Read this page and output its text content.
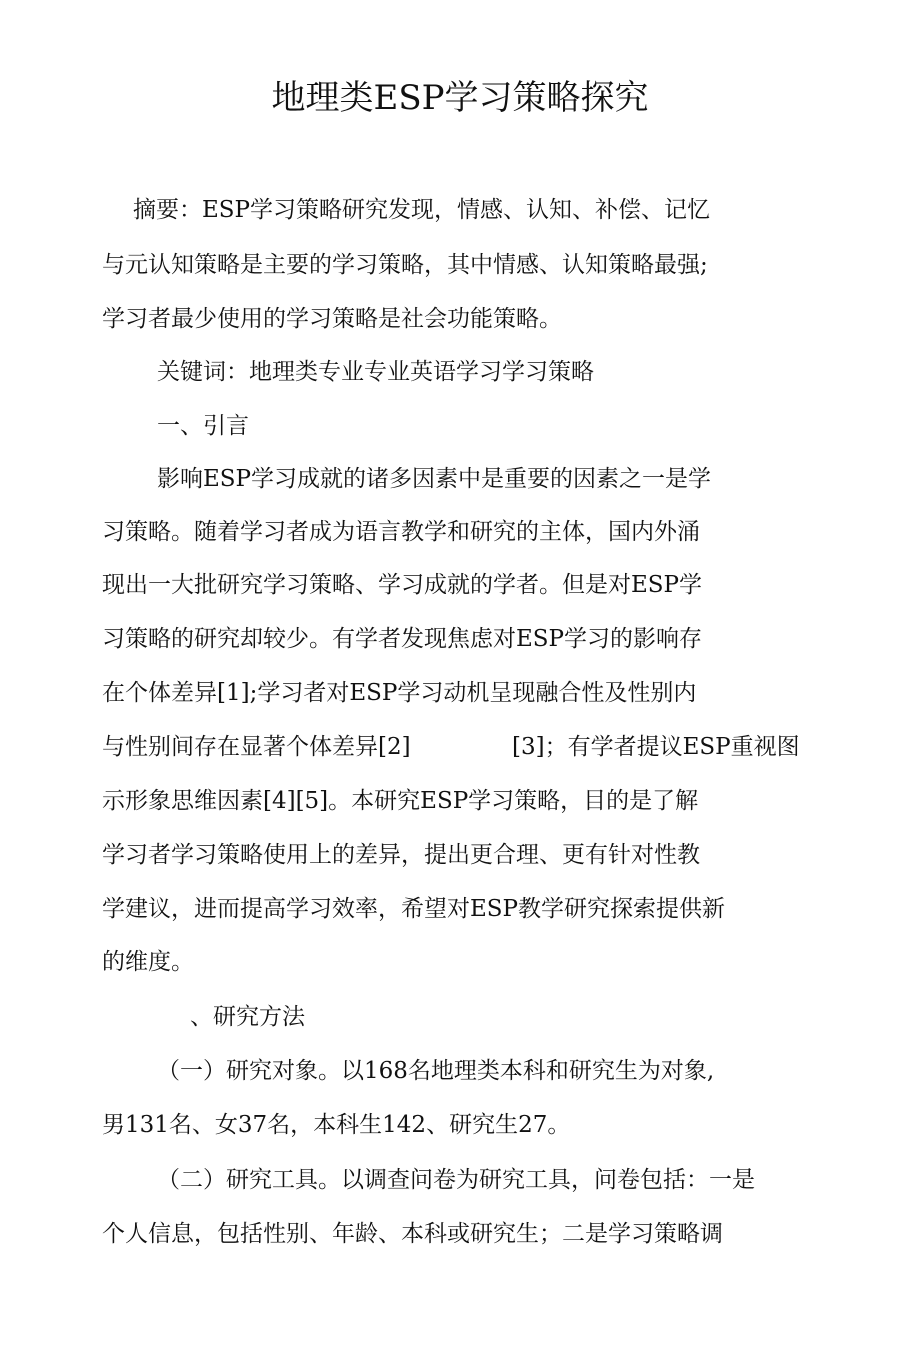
地理类ESP学习策略探究
摘要：ESP学习策略研究发现，情感、认知、补偿、记忆
与元认知策略是主要的学习策略，其中情感、认知策略最强;
学习者最少使用的学习策略是社会功能策略。
关键词：地理类专业专业英语学习学习策略
一、引言
影响ESP学习成就的诸多因素中是重要的因素之一是学
习策略。随着学习者成为语言教学和研究的主体，国内外涌
现出一大批研究学习策略、学习成就的学者。但是对ESP学
习策略的研究却较少。有学者发现焦虑对ESP学习的影响存
在个体差异[1];学习者对ESP学习动机呈现融合性及性别内
与性别间存在显著个体差异[2]	[3]；有学者提议ESP重视图
示形象思维因素[4][5]。本研究ESP学习策略，目的是了解
学习者学习策略使用上的差异，提出更合理、更有针对性教
学建议，进而提高学习效率，希望对ESP教学研究探索提供新
的维度。
、研究方法
（一）研究对象。以168名地理类本科和研究生为对象,
男131名、女37名，本科生142、研究生27。
（二）研究工具。以调查问卷为研究工具，问卷包括：一是
个人信息，包括性别、年龄、本科或研究生；二是学习策略调
